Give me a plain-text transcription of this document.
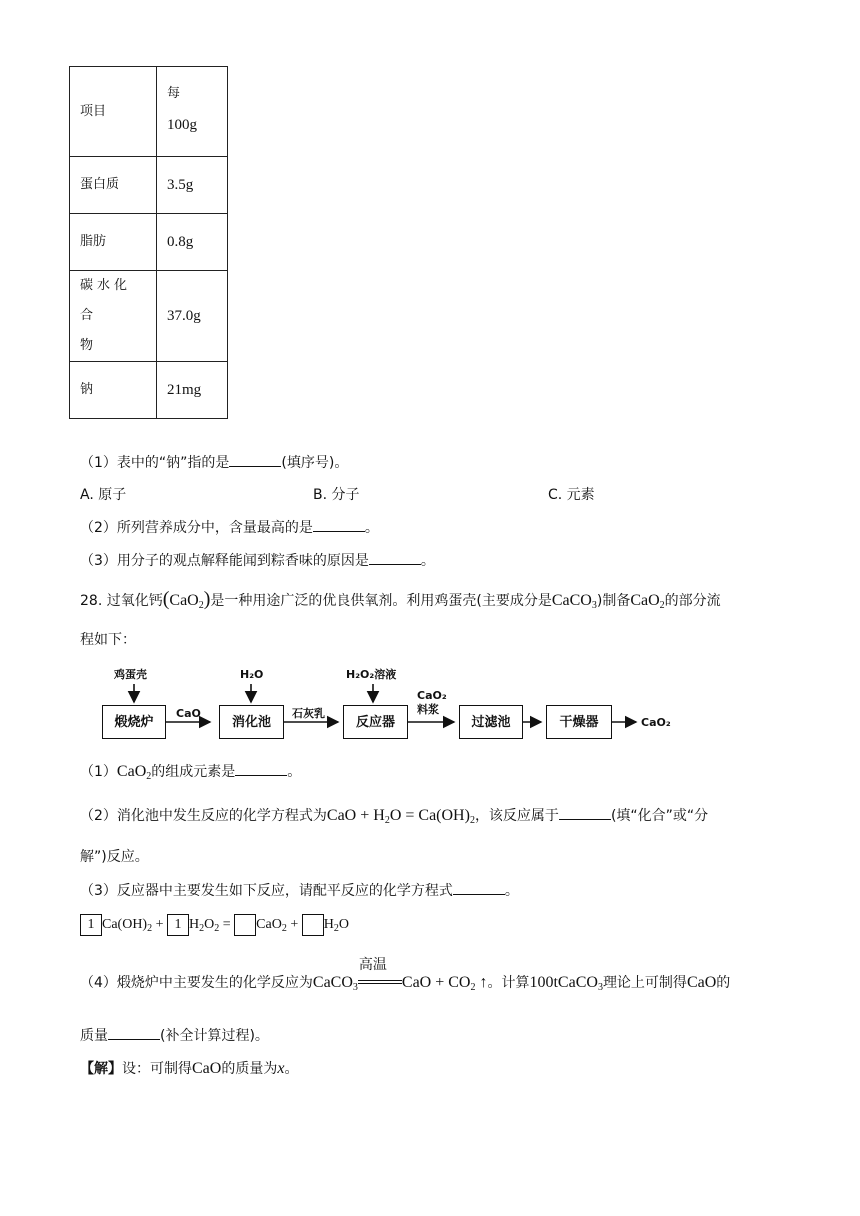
项目	每
100g

蛋白质	3.5g
脂肪	0.8g

碳水化合
物	37.0g
钠	21mg
（1）表中的“钠”指的是	(填序号)。
A. 原子	B. 分子	C. 元素
（2）所列营养成分中，含量最高的是	。
（3）用分子的观点解释能闻到粽香味的原因是	。
28. 过氧化钙(CaO$_2$)是一种用途广泛的优良供氧剂。利用鸡蛋壳(主要成分是CaCO$_3$)制备CaO$_2$的部分流
程如下：
鸡蛋壳	H₂O	H₂O₂溶液
煅烧炉	消化池	反应器	过滤池	干燥器
CaO	石灰乳
CaO₂
料浆
CaO₂
（1）CaO$_2$的组成元素是	。
（2）消化池中发生反应的化学方程式为CaO + $H_2O = Ca(OH)_2$，该反应属于	(填“化合”或“分
解”)反应。
（3）反应器中主要发生如下反应，请配平反应的化学方程式	。
1 $Ca(OH)_2 + 1$ $H_2O_2 = CaO_2 + H_2O$
（4）煅烧炉中主要发生的化学反应为CaCO$_3$
高温
CaO + $CO_2$ ↑。计算100tCaCO$_3$理论上可制得CaO的
质量	(补全计算过程)。
【解】设：可制得CaO的质量为x。
